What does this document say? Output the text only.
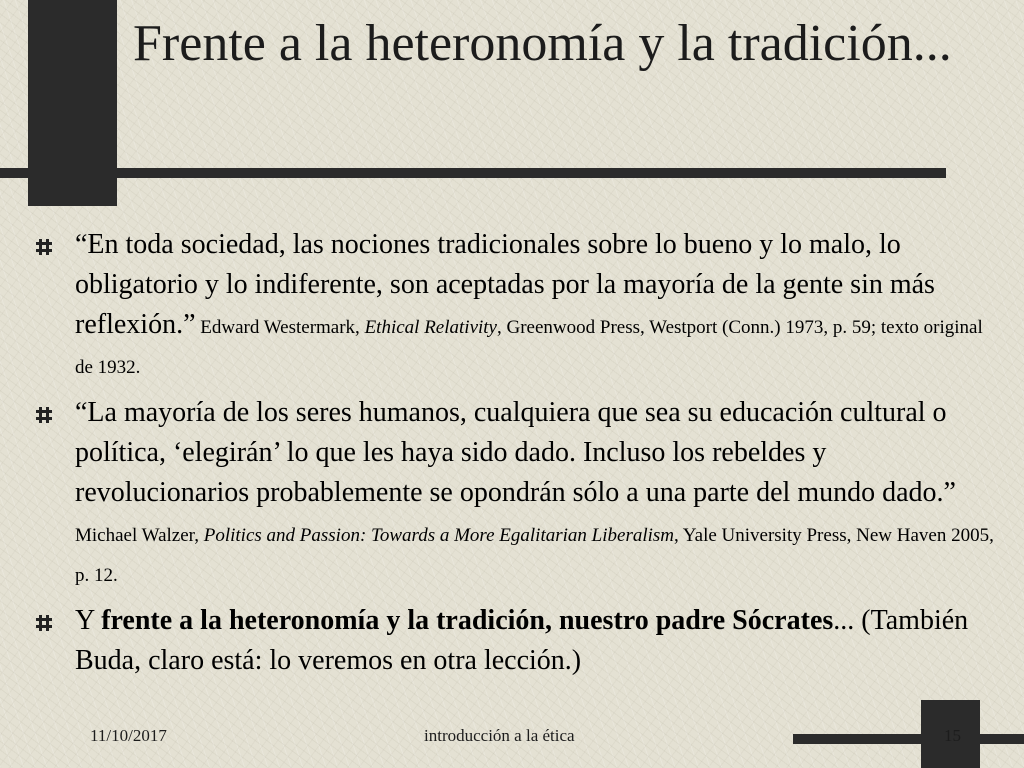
Frente a la heteronomía y la tradición...
“En toda sociedad, las nociones tradicionales sobre lo bueno y lo malo, lo obligatorio y lo indiferente, son aceptadas por la mayoría de la gente sin más reflexión.” Edward Westermark, Ethical Relativity, Greenwood Press, Westport (Conn.) 1973, p. 59; texto original de 1932.
“La mayoría de los seres humanos, cualquiera que sea su educación cultural o política, ‘elegirán’ lo que les haya sido dado. Incluso los rebeldes y revolucionarios probablemente se opondrán sólo a una parte del mundo dado.” Michael Walzer, Politics and Passion: Towards a More Egalitarian Liberalism, Yale University Press, New Haven 2005, p. 12.
Y frente a la heteronomía y la tradición, nuestro padre Sócrates... (También Buda, claro está: lo veremos en otra lección.)
11/10/2017	introducción a la ética	15
